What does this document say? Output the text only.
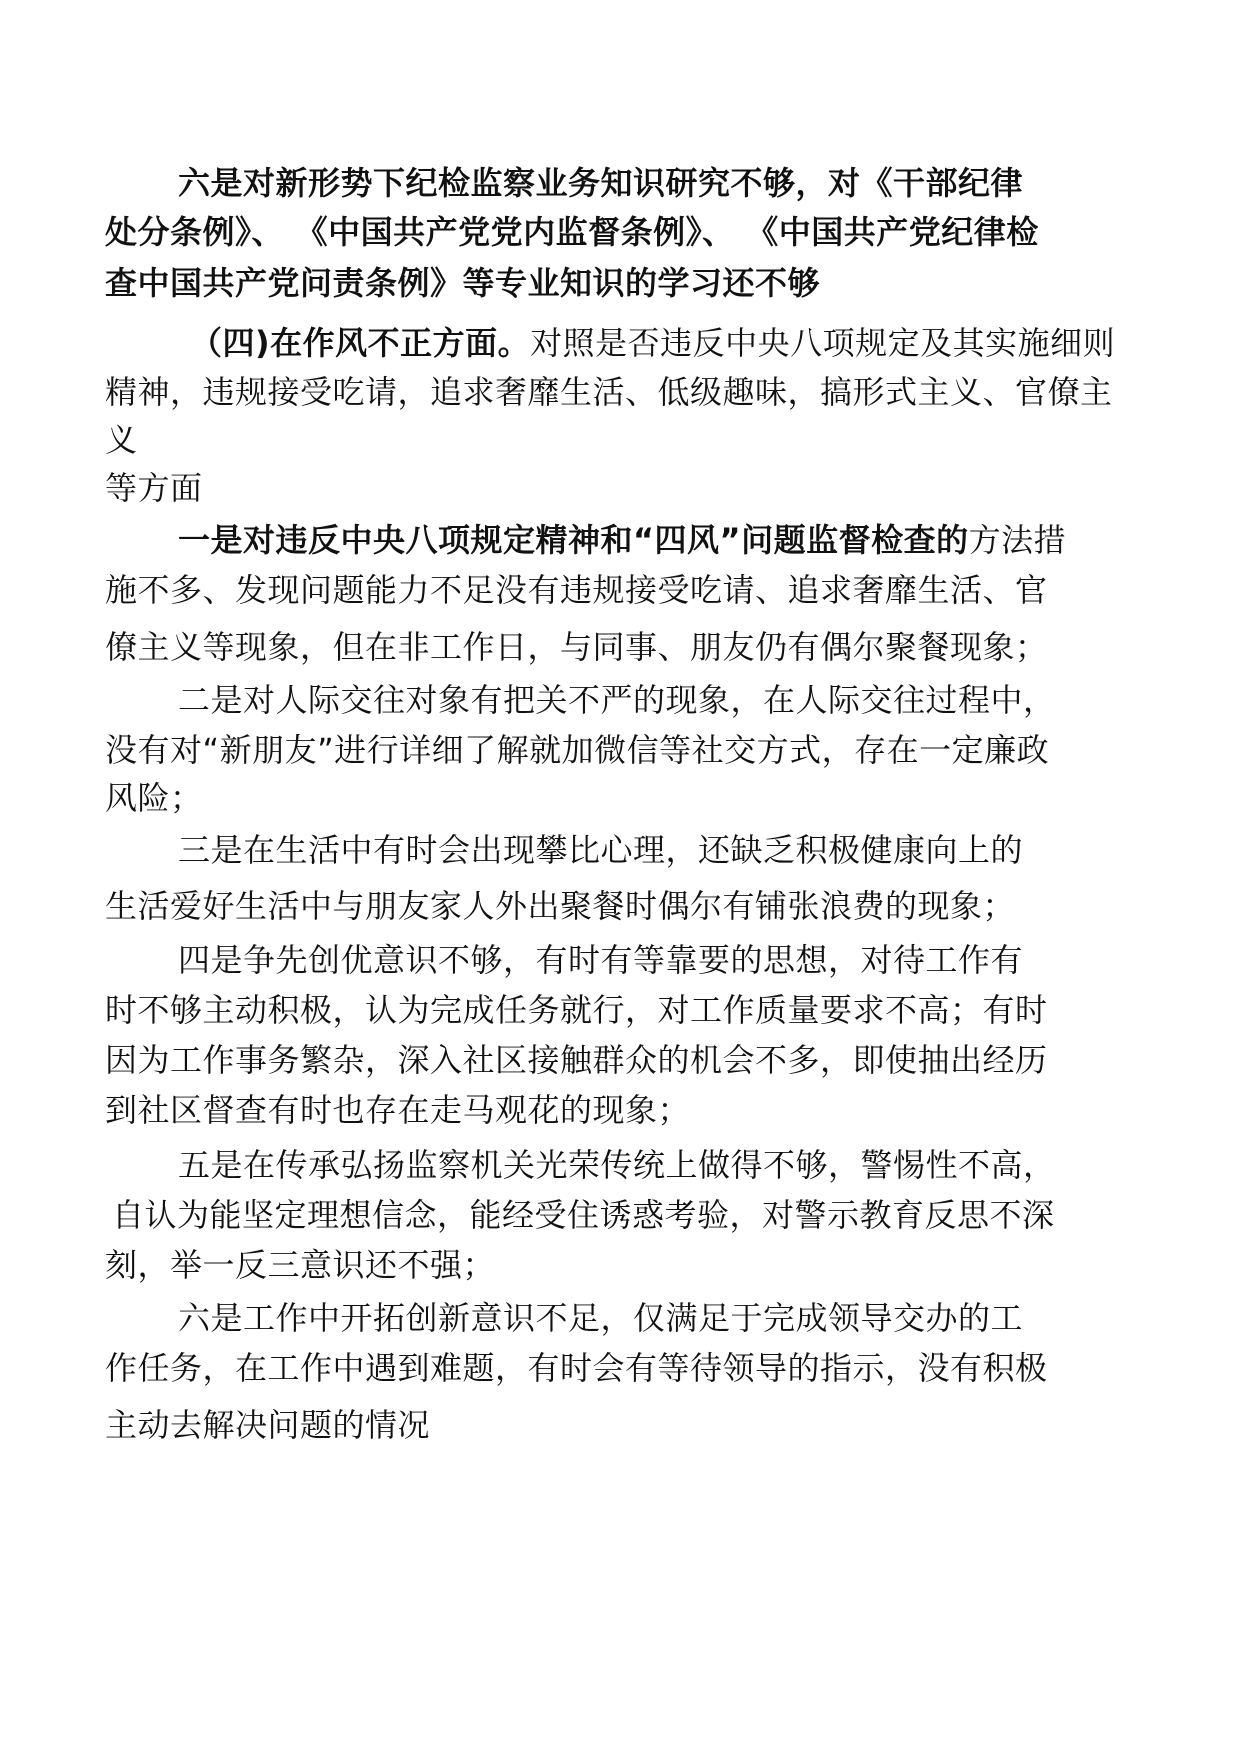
六是对新形势下纪检监察业务知识研究不够，对《干部纪律
处分条例》、 《中国共产党党内监督条例》、 《中国共产党纪律检
查中国共产党问责条例》等专业知识的学习还不够
（四)在作风不正方面。对照是否违反中央八项规定及其实施细则
精神，违规接受吃请，追求奢靡生活、低级趣味，搞形式主义、官僚主
义
等方面
一是对违反中央八项规定精神和“四风”问题监督检查的方法措
施不多、发现问题能力不足没有违规接受吃请、追求奢靡生活、官
僚主义等现象，但在非工作日，与同事、朋友仍有偶尔聚餐现象；
二是对人际交往对象有把关不严的现象，在人际交往过程中，
没有对“新朋友”进行详细了解就加微信等社交方式，存在一定廉政
风险；
三是在生活中有时会出现攀比心理，还缺乏积极健康向上的
生活爱好生活中与朋友家人外出聚餐时偶尔有铺张浪费的现象；
四是争先创优意识不够，有时有等靠要的思想，对待工作有
时不够主动积极，认为完成任务就行，对工作质量要求不高；有时
因为工作事务繁杂，深入社区接触群众的机会不多，即使抽出经历
到社区督查有时也存在走马观花的现象；
五是在传承弘扬监察机关光荣传统上做得不够，警惕性不高，
自认为能坚定理想信念，能经受住诱惑考验，对警示教育反思不深
刻，举一反三意识还不强；
六是工作中开拓创新意识不足，仅满足于完成领导交办的工
作任务，在工作中遇到难题，有时会有等待领导的指示，没有积极
主动去解决问题的情况
